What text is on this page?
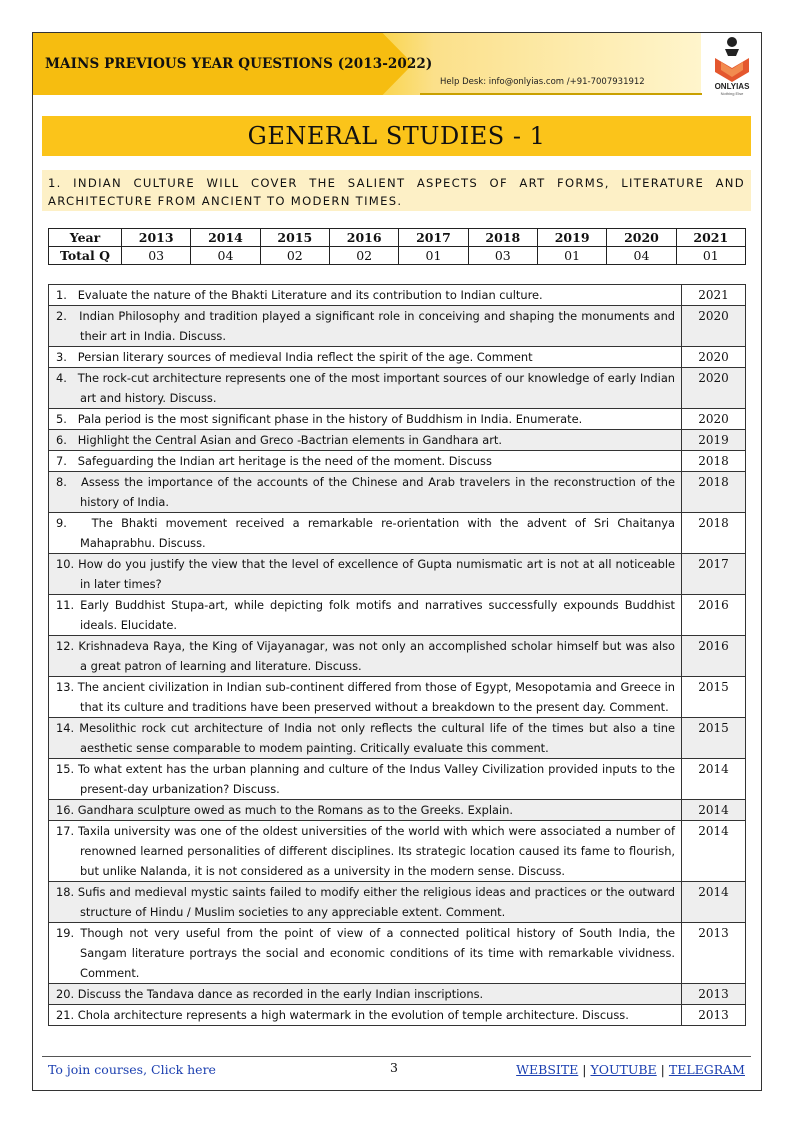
MAINS PREVIOUS YEAR QUESTIONS (2013-2022)
Help Desk: info@onlyias.com /+91-7007931912	ONLYIAS
Nothing Else
GENERAL STUDIES - 1
1. INDIAN CULTURE WILL COVER THE SALIENT ASPECTS OF ART FORMS, LITERATURE AND ARCHITECTURE FROM ANCIENT TO MODERN TIMES.
Year	2013	2014	2015	2016	2017	2018	2019	2020	2021
Total Q	03	04	02	02	01	03	01	04	01
1.   Evaluate the nature of the Bhakti Literature and its contribution to Indian culture.	2021
2.   Indian Philosophy and tradition played a significant role in conceiving and shaping the monuments and their art in India. Discuss.	2020
3.   Persian literary sources of medieval India reflect the spirit of the age. Comment	2020
4.   The rock-cut architecture represents one of the most important sources of our knowledge of early Indian art and history. Discuss.	2020
5.   Pala period is the most significant phase in the history of Buddhism in India. Enumerate.	2020
6.   Highlight the Central Asian and Greco -Bactrian elements in Gandhara art.	2019
7.   Safeguarding the Indian art heritage is the need of the moment. Discuss	2018
8.   Assess the importance of the accounts of the Chinese and Arab travelers in the reconstruction of the history of India.	2018
9.   The Bhakti movement received a remarkable re-orientation with the advent of Sri Chaitanya Mahaprabhu. Discuss.	2018
10. How do you justify the view that the level of excellence of Gupta numismatic art is not at all noticeable in later times?	2017
11. Early Buddhist Stupa-art, while depicting folk motifs and narratives successfully expounds Buddhist ideals. Elucidate.	2016
12. Krishnadeva Raya, the King of Vijayanagar, was not only an accomplished scholar himself but was also a great patron of learning and literature. Discuss.	2016
13. The ancient civilization in Indian sub-continent differed from those of Egypt, Mesopotamia and Greece in that its culture and traditions have been preserved without a breakdown to the present day. Comment.	2015
14. Mesolithic rock cut architecture of India not only reflects the cultural life of the times but also a tine aesthetic sense comparable to modem painting. Critically evaluate this comment.	2015
15. To what extent has the urban planning and culture of the Indus Valley Civilization provided inputs to the present-day urbanization? Discuss.	2014
16. Gandhara sculpture owed as much to the Romans as to the Greeks. Explain.	2014
17. Taxila university was one of the oldest universities of the world with which were associated a number of renowned learned personalities of different disciplines. Its strategic location caused its fame to flourish, but unlike Nalanda, it is not considered as a university in the modern sense. Discuss.	2014
18. Sufis and medieval mystic saints failed to modify either the religious ideas and practices or the outward structure of Hindu / Muslim societies to any appreciable extent. Comment.	2014
19. Though not very useful from the point of view of a connected political history of South India, the Sangam literature portrays the social and economic conditions of its time with remarkable vividness. Comment.	2013
20. Discuss the Tandava dance as recorded in the early Indian inscriptions.	2013
21. Chola architecture represents a high watermark in the evolution of temple architecture. Discuss.	2013
To join courses, Click here	3	WEBSITE | YOUTUBE | TELEGRAM
